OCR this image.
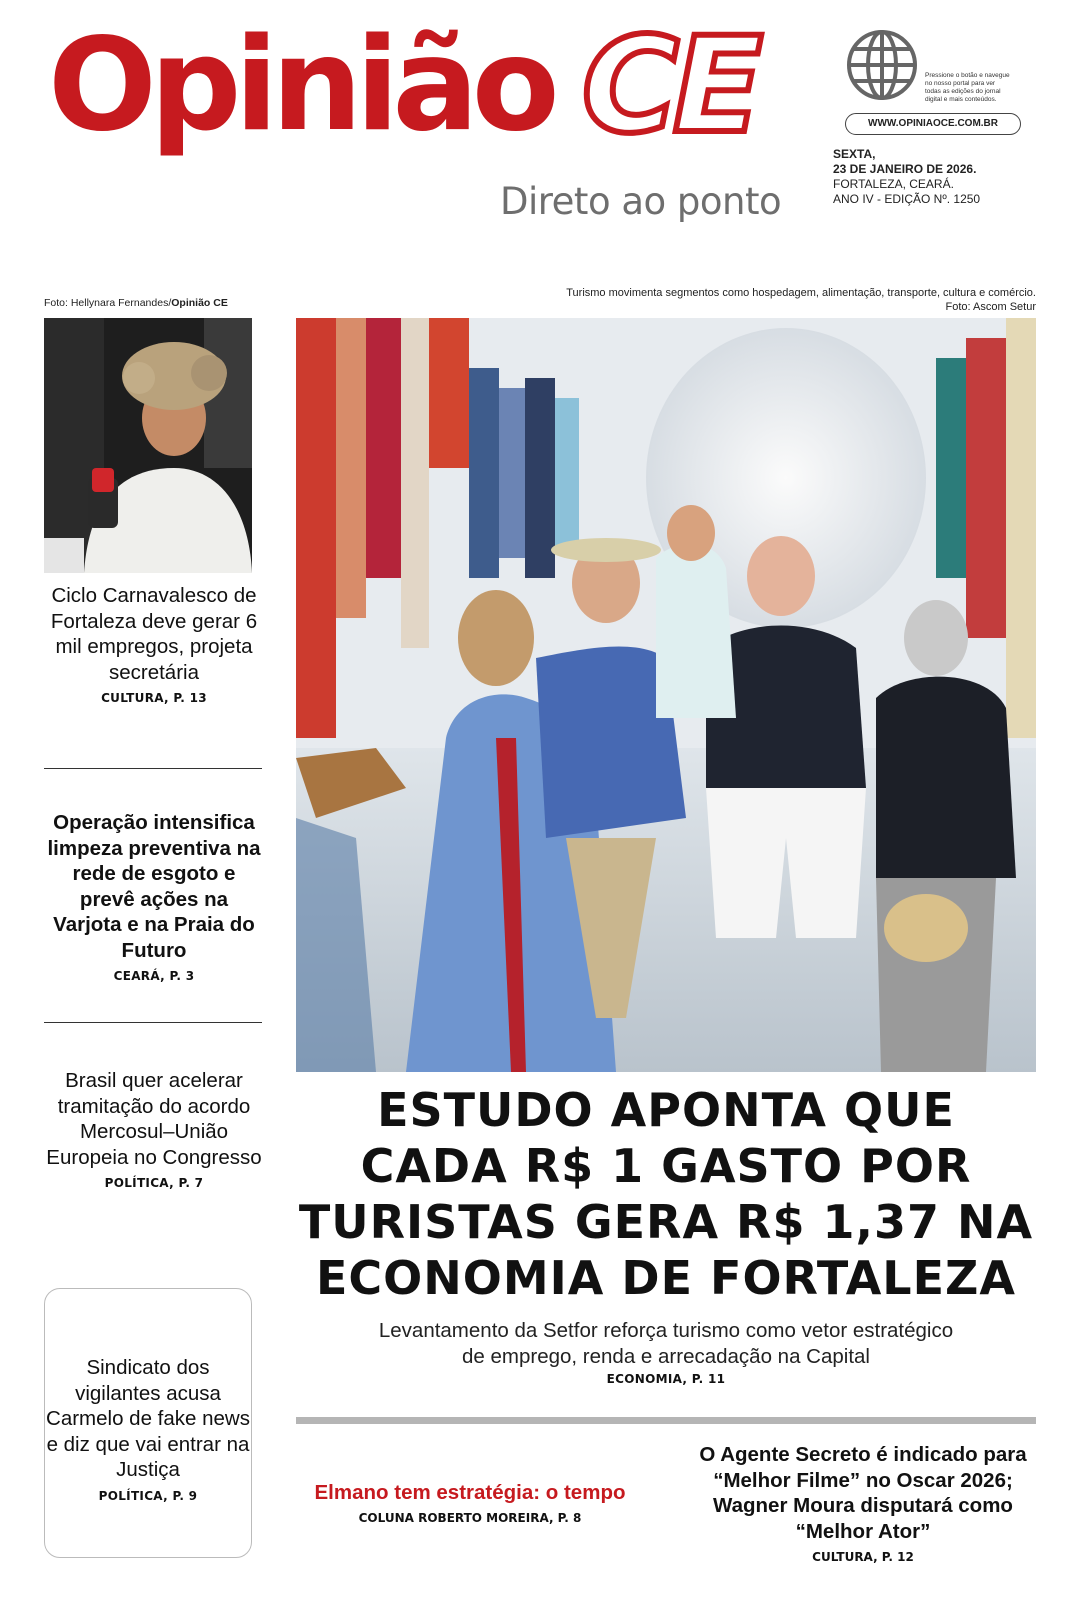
Opinião CE
Direto ao ponto
Pressione o botão e navegue no nosso portal para ver todas as edições do jornal digital e mais conteúdos.
WWW.OPINIAOCE.COM.BR
SEXTA,
23 DE JANEIRO DE 2026.
FORTALEZA, CEARÁ.
ANO IV - EDIÇÃO Nº. 1250
Foto: Hellynara Fernandes/Opinião CE
Ciclo Carnavalesco de Fortaleza deve gerar 6 mil empregos, projeta secretária
CULTURA, P. 13
Operação intensifica limpeza preventiva na rede de esgoto e prevê ações na Varjota e na Praia do Futuro
CEARÁ, P. 3
Brasil quer acelerar tramitação do acordo Mercosul–União Europeia no Congresso
POLÍTICA, P. 7
Sindicato dos vigilantes acusa Carmelo de fake news e diz que vai entrar na Justiça
POLÍTICA, P. 9
Turismo movimenta segmentos como hospedagem, alimentação, transporte, cultura e comércio.
Foto: Ascom Setur
ESTUDO APONTA QUE
CADA R$ 1 GASTO POR
TURISTAS GERA R$ 1,37 NA
ECONOMIA DE FORTALEZA
Levantamento da Setfor reforça turismo como vetor estratégico
de emprego, renda e arrecadação na Capital
ECONOMIA, P. 11
Elmano tem estratégia: o tempo
COLUNA ROBERTO MOREIRA, P. 8
O Agente Secreto é indicado para “Melhor Filme” no Oscar 2026; Wagner Moura disputará como “Melhor Ator”
CULTURA, P. 12
